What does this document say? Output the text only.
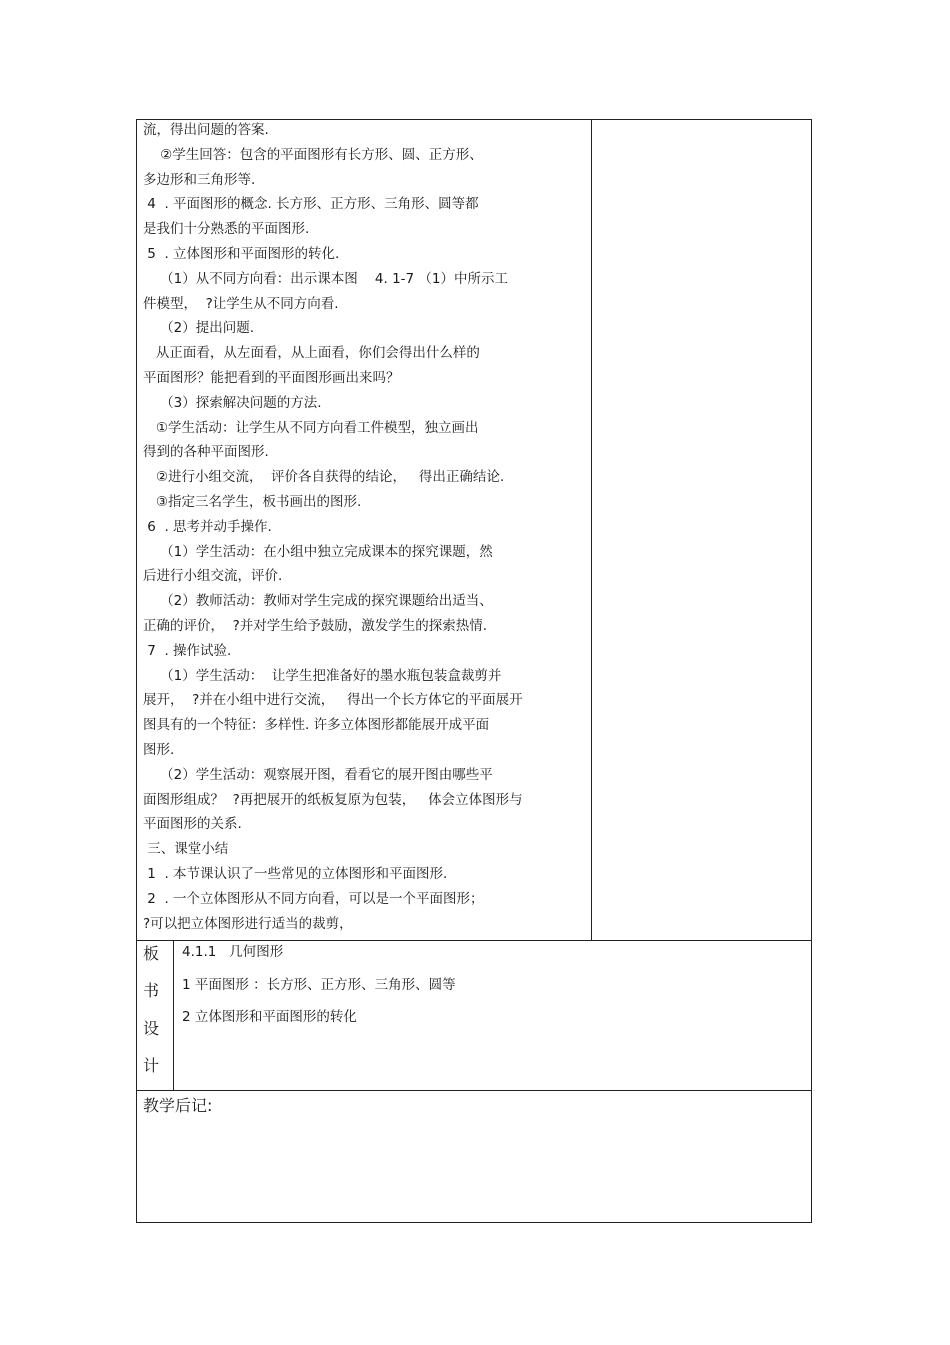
流，得出问题的答案.
②学生回答：包含的平面图形有长方形、圆、正方形、
多边形和三角形等.
4  . 平面图形的概念. 长方形、正方形、三角形、圆等都
是我们十分熟悉的平面图形.
5  . 立体图形和平面图形的转化.
（1）从不同方向看：出示课本图    4. 1-7 （1）中所示工
件模型，  ?让学生从不同方向看.
（2）提出问题.
从正面看，从左面看，从上面看，你们会得出什么样的
平面图形？能把看到的平面图形画出来吗？
（3）探索解决问题的方法.
①学生活动：让学生从不同方向看工件模型，独立画出
得到的各种平面图形.
②进行小组交流，  评价各自获得的结论，   得出正确结论.
③指定三名学生，板书画出的图形.
6  . 思考并动手操作.
（1）学生活动：在小组中独立完成课本的探究课题，然
后进行小组交流，评价.
（2）教师活动：教师对学生完成的探究课题给出适当、
正确的评价，  ?并对学生给予鼓励，激发学生的探索热情.
7  . 操作试验.
（1）学生活动：  让学生把准备好的墨水瓶包装盒裁剪并
展开，  ?并在小组中进行交流，   得出一个长方体它的平面展开
图具有的一个特征：多样性. 许多立体图形都能展开成平面
图形.
（2）学生活动：观察展开图，看看它的展开图由哪些平
面图形组成？  ?再把展开的纸板复原为包装，   体会立体图形与
平面图形的关系.
三、课堂小结
1  . 本节课认识了一些常见的立体图形和平面图形.
2  . 一个立体图形从不同方向看，可以是一个平面图形；
?可以把立体图形进行适当的裁剪，
板
书
设
计
4.1.1   几何图形
1 平面图形 ：长方形、正方形、三角形、圆等
2 立体图形和平面图形的转化
教学后记:
